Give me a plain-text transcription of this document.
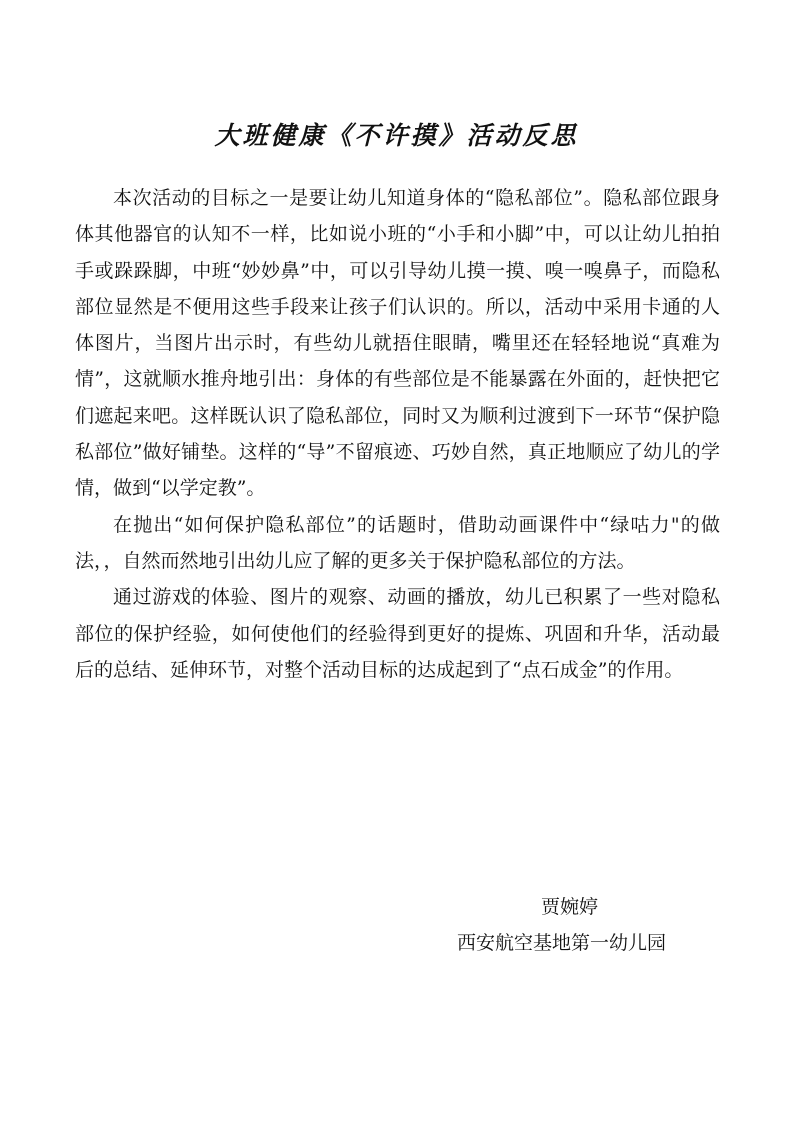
大班健康《不许摸》活动反思

本次活动的目标之一是要让幼儿知道身体的“隐私部位”。隐私部位跟身体其他器官的认知不一样，比如说小班的“小手和小脚”中，可以让幼儿拍拍手或跺跺脚，中班“妙妙鼻”中，可以引导幼儿摸一摸、嗅一嗅鼻子，而隐私部位显然是不便用这些手段来让孩子们认识的。所以，活动中采用卡通的人体图片，当图片出示时，有些幼儿就捂住眼睛，嘴里还在轻轻地说“真难为情”，这就顺水推舟地引出：身体的有些部位是不能暴露在外面的，赶快把它们遮起来吧。这样既认识了隐私部位，同时又为顺利过渡到下一环节“保护隐私部位”做好铺垫。这样的“导”不留痕迹、巧妙自然，真正地顺应了幼儿的学情，做到“以学定教”。

在抛出“如何保护隐私部位”的话题时，借助动画课件中“绿咕力"的做法，，自然而然地引出幼儿应了解的更多关于保护隐私部位的方法。

通过游戏的体验、图片的观察、动画的播放，幼儿已积累了一些对隐私部位的保护经验，如何使他们的经验得到更好的提炼、巩固和升华，活动最后的总结、延伸环节，对整个活动目标的达成起到了“点石成金”的作用。

贾婉婷
西安航空基地第一幼儿园
